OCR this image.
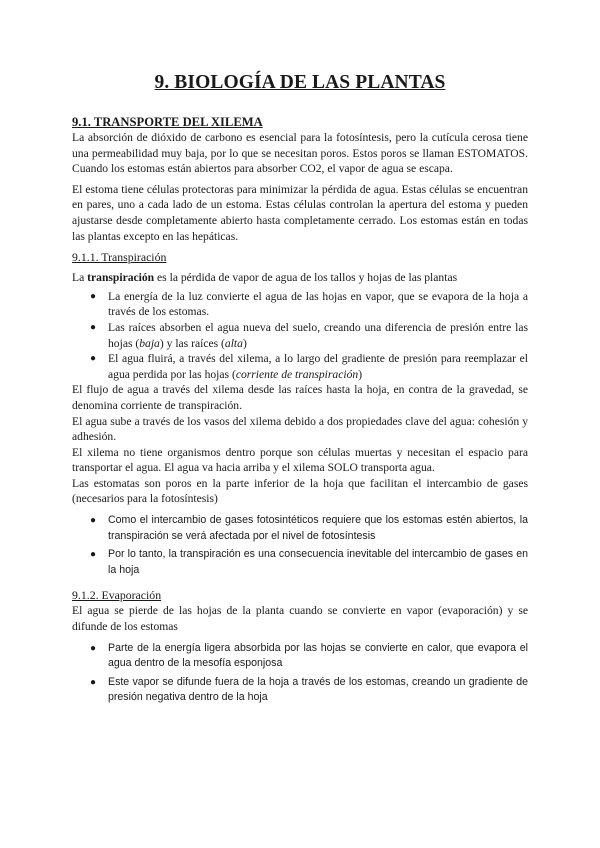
9. BIOLOGÍA DE LAS PLANTAS
9.1. TRANSPORTE DEL XILEMA

La absorción de dióxido de carbono es esencial para la fotosíntesis, pero la cutícula cerosa tiene una permeabilidad muy baja, por lo que se necesitan poros. Estos poros se llaman ESTOMATOS. Cuando los estomas están abiertos para absorber CO2, el vapor de agua se escapa.

El estoma tiene células protectoras para minimizar la pérdida de agua. Estas células se encuentran en pares, uno a cada lado de un estoma. Estas células controlan la apertura del estoma y pueden ajustarse desde completamente abierto hasta completamente cerrado. Los estomas están en todas las plantas excepto en las hepáticas.

9.1.1. Transpiración

La transpiración es la pérdida de vapor de agua de los tallos y hojas de las plantas

● La energía de la luz convierte el agua de las hojas en vapor, que se evapora de la hoja a través de los estomas.
● Las raíces absorben el agua nueva del suelo, creando una diferencia de presión entre las hojas (baja) y las raíces (alta)
● El agua fluirá, a través del xilema, a lo largo del gradiente de presión para reemplazar el agua perdida por las hojas (corriente de transpiración)

El flujo de agua a través del xilema desde las raíces hasta la hoja, en contra de la gravedad, se denomina corriente de transpiración.

El agua sube a través de los vasos del xilema debido a dos propiedades clave del agua: cohesión y adhesión.

El xilema no tiene organismos dentro porque son células muertas y necesitan el espacio para transportar el agua. El agua va hacia arriba y el xilema SOLO transporta agua.

Las estomatas son poros en la parte inferior de la hoja que facilitan el intercambio de gases (necesarios para la fotosíntesis)

● Como el intercambio de gases fotosintéticos requiere que los estomas estén abiertos, la transpiración se verá afectada por el nivel de fotosíntesis
● Por lo tanto, la transpiración es una consecuencia inevitable del intercambio de gases en la hoja
9.1.2. Evaporación

El agua se pierde de las hojas de la planta cuando se convierte en vapor (evaporación) y se difunde de los estomas

● Parte de la energía ligera absorbida por las hojas se convierte en calor, que evapora el agua dentro de la mesofía esponjosa
● Este vapor se difunde fuera de la hoja a través de los estomas, creando un gradiente de presión negativa dentro de la hoja
